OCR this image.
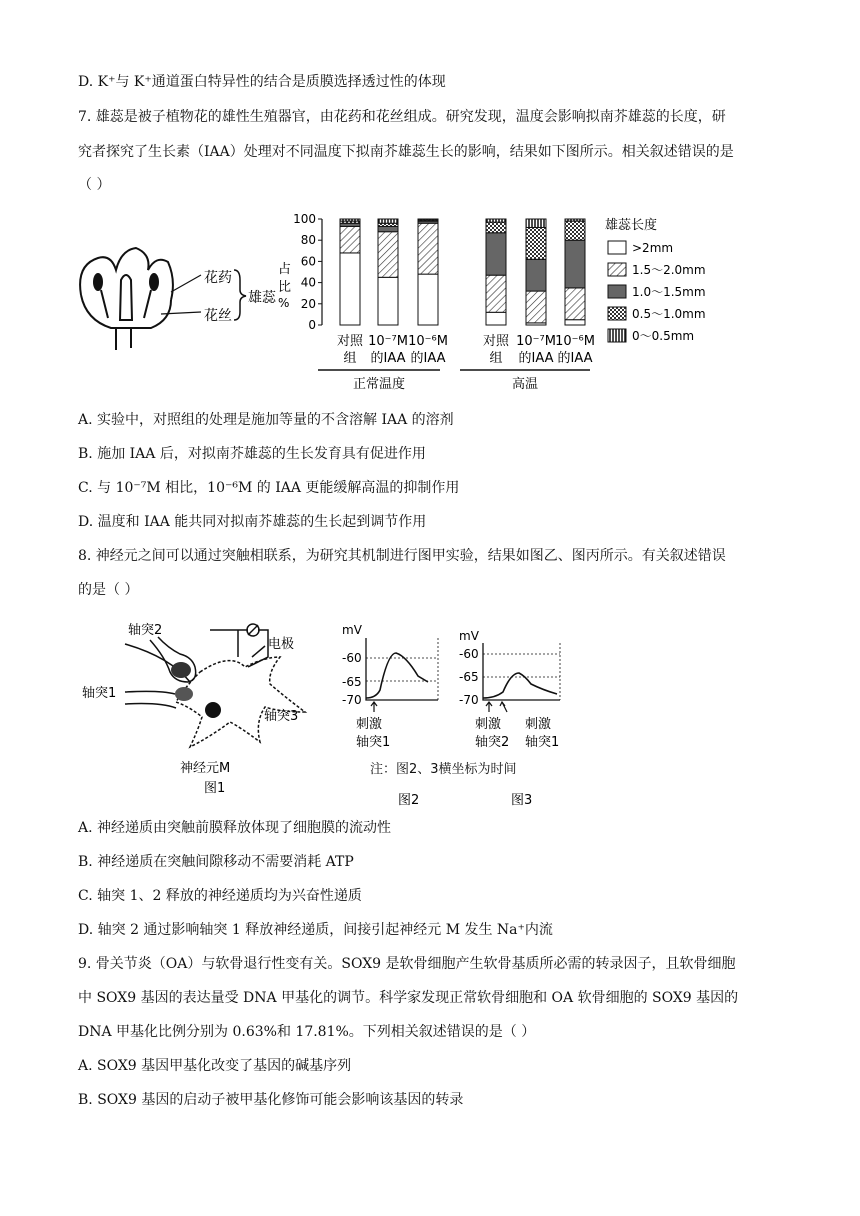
D. K⁺与 K⁺通道蛋白特异性的结合是质膜选择透过性的体现
7. 雄蕊是被子植物花的雄性生殖器官，由花药和花丝组成。研究发现，温度会影响拟南芥雄蕊的长度，研
究者探究了生长素（IAA）处理对不同温度下拟南芥雄蕊生长的影响，结果如下图所示。相关叙述错误的是
（ ）
花药
花丝
雄蕊
0
20
40
60
80
100
对照
组
10⁻⁷M
的IAA
10⁻⁶M
的IAA
对照
组
10⁻⁷M
的IAA
10⁻⁶M
的IAA
正常温度	高温
雄蕊长度
>2mm
1.5～2.0mm
1.0～1.5mm
0.5～1.0mm
0～0.5mm
占
比
%
A. 实验中，对照组的处理是施加等量的不含溶解 IAA 的溶剂
B. 施加 IAA 后，对拟南芥雄蕊的生长发育具有促进作用
C. 与 10⁻⁷M 相比，10⁻⁶M 的 IAA 更能缓解高温的抑制作用
D. 温度和 IAA 能共同对拟南芥雄蕊的生长起到调节作用
8. 神经元之间可以通过突触相联系，为研究其机制进行图甲实验，结果如图乙、图丙所示。有关叙述错误
的是（ ）
轴突2
电极
轴突1
轴突3
神经元M
图1
mV
-60
-65
-70
刺激
轴突1
图2
注：图2、3横坐标为时间
mV
-60
-65
-70
刺激
轴突2
刺激
轴突1
图3
A. 神经递质由突触前膜释放体现了细胞膜的流动性
B. 神经递质在突触间隙移动不需要消耗 ATP
C. 轴突 1、2 释放的神经递质均为兴奋性递质
D. 轴突 2 通过影响轴突 1 释放神经递质，间接引起神经元 M 发生 Na⁺内流
9. 骨关节炎（OA）与软骨退行性变有关。SOX9 是软骨细胞产生软骨基质所必需的转录因子，且软骨细胞
中 SOX9 基因的表达量受 DNA 甲基化的调节。科学家发现正常软骨细胞和 OA 软骨细胞的 SOX9 基因的
DNA 甲基化比例分别为 0.63%和 17.81%。下列相关叙述错误的是（ ）
A. SOX9 基因甲基化改变了基因的碱基序列
B. SOX9 基因的启动子被甲基化修饰可能会影响该基因的转录
